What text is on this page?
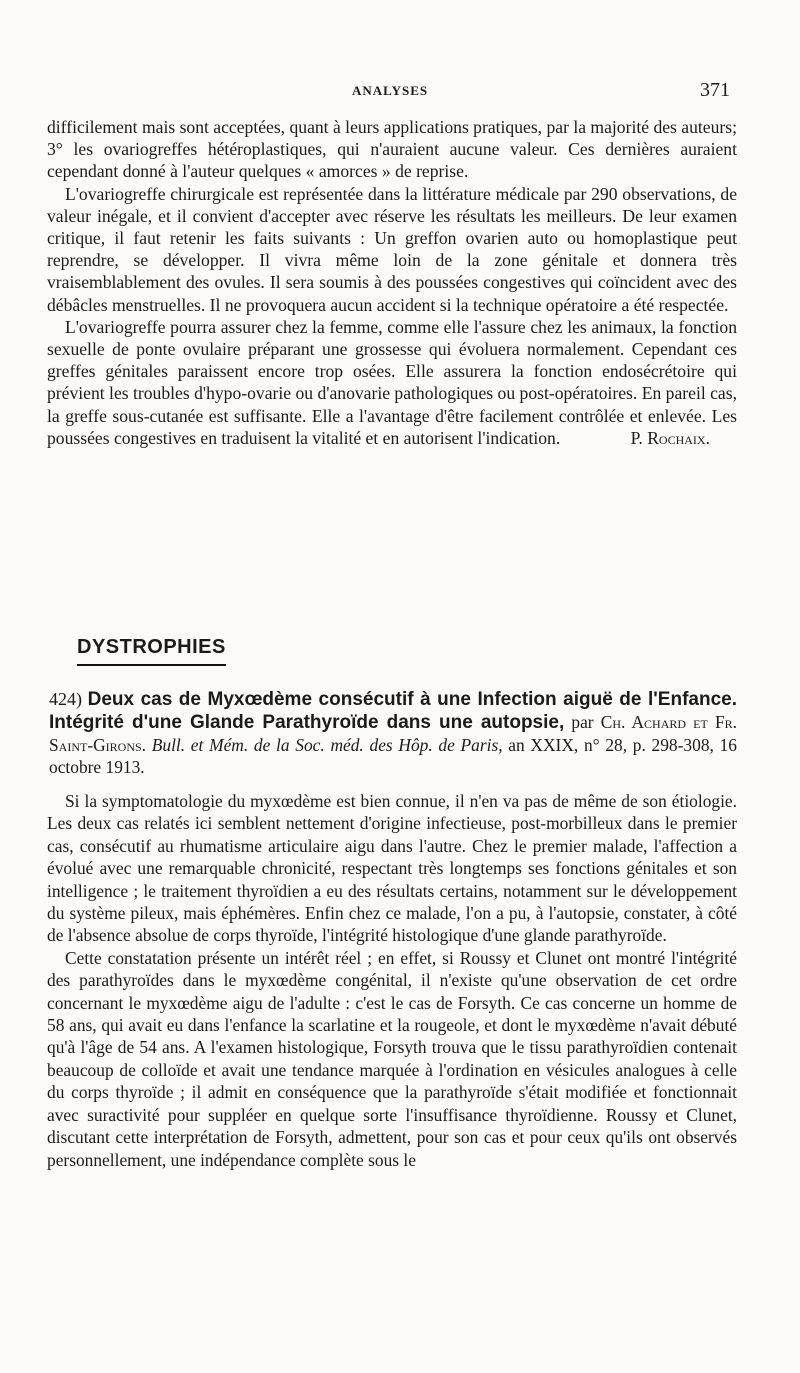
ANALYSES	371

difficilement mais sont acceptées, quant à leurs applications pratiques, par la majorité des auteurs; 3° les ovariogreffes hétéroplastiques, qui n'auraient aucune valeur. Ces dernières auraient cependant donné à l'auteur quelques « amorces » de reprise.

L'ovariogreffe chirurgicale est représentée dans la littérature médicale par 290 observations, de valeur inégale, et il convient d'accepter avec réserve les résultats les meilleurs. De leur examen critique, il faut retenir les faits suivants : Un greffon ovarien auto ou homoplastique peut reprendre, se développer. Il vivra même loin de la zone génitale et donnera très vraisemblablement des ovules. Il sera soumis à des poussées congestives qui coïncident avec des débâcles menstruelles. Il ne provoquera aucun accident si la technique opératoire a été respectée.

L'ovariogreffe pourra assurer chez la femme, comme elle l'assure chez les animaux, la fonction sexuelle de ponte ovulaire préparant une grossesse qui évoluera normalement. Cependant ces greffes génitales paraissent encore trop osées. Elle assurera la fonction endosécrétoire qui prévient les troubles d'hypo-ovarie ou d'anovarie pathologiques ou post-opératoires. En pareil cas, la greffe sous-cutanée est suffisante. Elle a l'avantage d'être facilement contrôlée et enlevée. Les poussées congestives en traduisent la vitalité et en autorisent l'indication.	P. Rochaix.
DYSTROPHIES
424) Deux cas de Myxœdème consécutif à une Infection aiguë de l'Enfance. Intégrité d'une Glande Parathyroïde dans une autopsie, par Ch. Achard et Fr. Saint-Girons. Bull. et Mém. de la Soc. méd. des Hôp. de Paris, an XXIX, n° 28, p. 298-308, 16 octobre 1913.

Si la symptomatologie du myxœdème est bien connue, il n'en va pas de même de son étiologie. Les deux cas relatés ici semblent nettement d'origine infectieuse, post-morbilleux dans le premier cas, consécutif au rhumatisme articulaire aigu dans l'autre. Chez le premier malade, l'affection a évolué avec une remarquable chronicité, respectant très longtemps ses fonctions génitales et son intelligence ; le traitement thyroïdien a eu des résultats certains, notamment sur le développement du système pileux, mais éphémères. Enfin chez ce malade, l'on a pu, à l'autopsie, constater, à côté de l'absence absolue de corps thyroïde, l'intégrité histologique d'une glande parathyroïde.

Cette constatation présente un intérêt réel ; en effet, si Roussy et Clunet ont montré l'intégrité des parathyroïdes dans le myxœdème congénital, il n'existe qu'une observation de cet ordre concernant le myxœdème aigu de l'adulte : c'est le cas de Forsyth. Ce cas concerne un homme de 58 ans, qui avait eu dans l'enfance la scarlatine et la rougeole, et dont le myxœdème n'avait débuté qu'à l'âge de 54 ans. A l'examen histologique, Forsyth trouva que le tissu parathyroïdien contenait beaucoup de colloïde et avait une tendance marquée à l'ordination en vésicules analogues à celle du corps thyroïde ; il admit en conséquence que la parathyroïde s'était modifiée et fonctionnait avec suractivité pour suppléer en quelque sorte l'insuffisance thyroïdienne. Roussy et Clunet, discutant cette interprétation de Forsyth, admettent, pour son cas et pour ceux qu'ils ont observés personnellement, une indépendance complète sous le
